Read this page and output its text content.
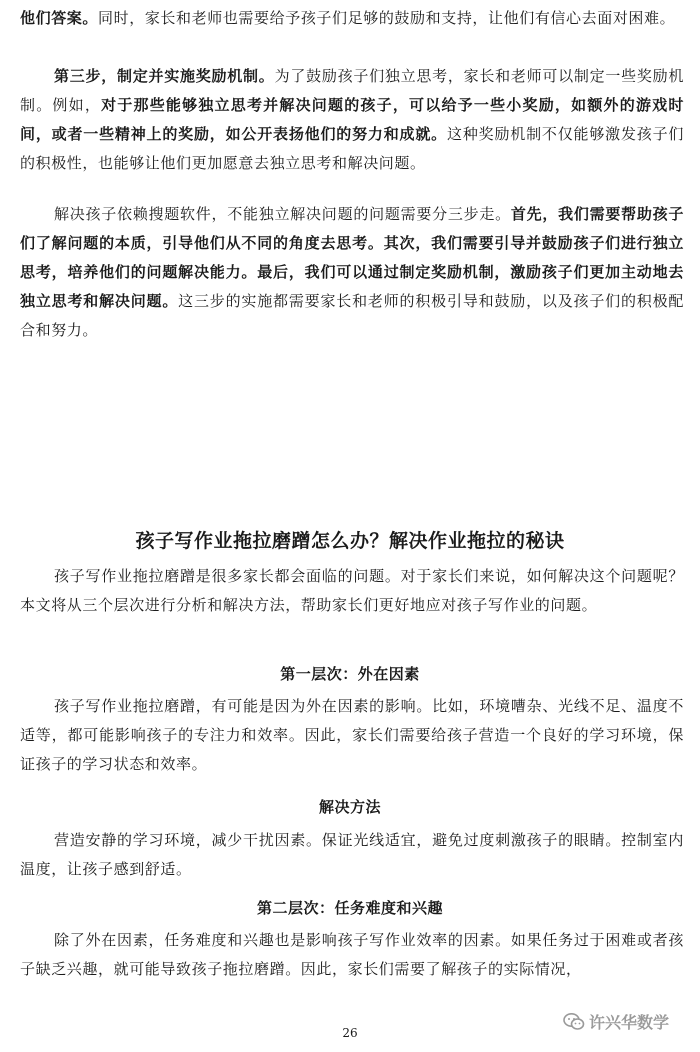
他们答案。同时，家长和老师也需要给予孩子们足够的鼓励和支持，让他们有信心去面对困难。

第三步，制定并实施奖励机制。为了鼓励孩子们独立思考，家长和老师可以制定一些奖励机制。例如，对于那些能够独立思考并解决问题的孩子，可以给予一些小奖励，如额外的游戏时间，或者一些精神上的奖励，如公开表扬他们的努力和成就。这种奖励机制不仅能够激发孩子们的积极性，也能够让他们更加愿意去独立思考和解决问题。

解决孩子依赖搜题软件，不能独立解决问题的问题需要分三步走。首先，我们需要帮助孩子们了解问题的本质，引导他们从不同的角度去思考。其次，我们需要引导并鼓励孩子们进行独立思考，培养他们的问题解决能力。最后，我们可以通过制定奖励机制，激励孩子们更加主动地去独立思考和解决问题。这三步的实施都需要家长和老师的积极引导和鼓励，以及孩子们的积极配合和努力。

孩子写作业拖拉磨蹭怎么办？解决作业拖拉的秘诀

孩子写作业拖拉磨蹭是很多家长都会面临的问题。对于家长们来说，如何解决这个问题呢？本文将从三个层次进行分析和解决方法，帮助家长们更好地应对孩子写作业的问题。

第一层次：外在因素

孩子写作业拖拉磨蹭，有可能是因为外在因素的影响。比如，环境嘈杂、光线不足、温度不适等，都可能影响孩子的专注力和效率。因此，家长们需要给孩子营造一个良好的学习环境，保证孩子的学习状态和效率。

解决方法

营造安静的学习环境，减少干扰因素。保证光线适宜，避免过度刺激孩子的眼睛。控制室内温度，让孩子感到舒适。

第二层次：任务难度和兴趣

除了外在因素，任务难度和兴趣也是影响孩子写作业效率的因素。如果任务过于困难或者孩子缺乏兴趣，就可能导致孩子拖拉磨蹭。因此，家长们需要了解孩子的实际情况，

26
许兴华数学
